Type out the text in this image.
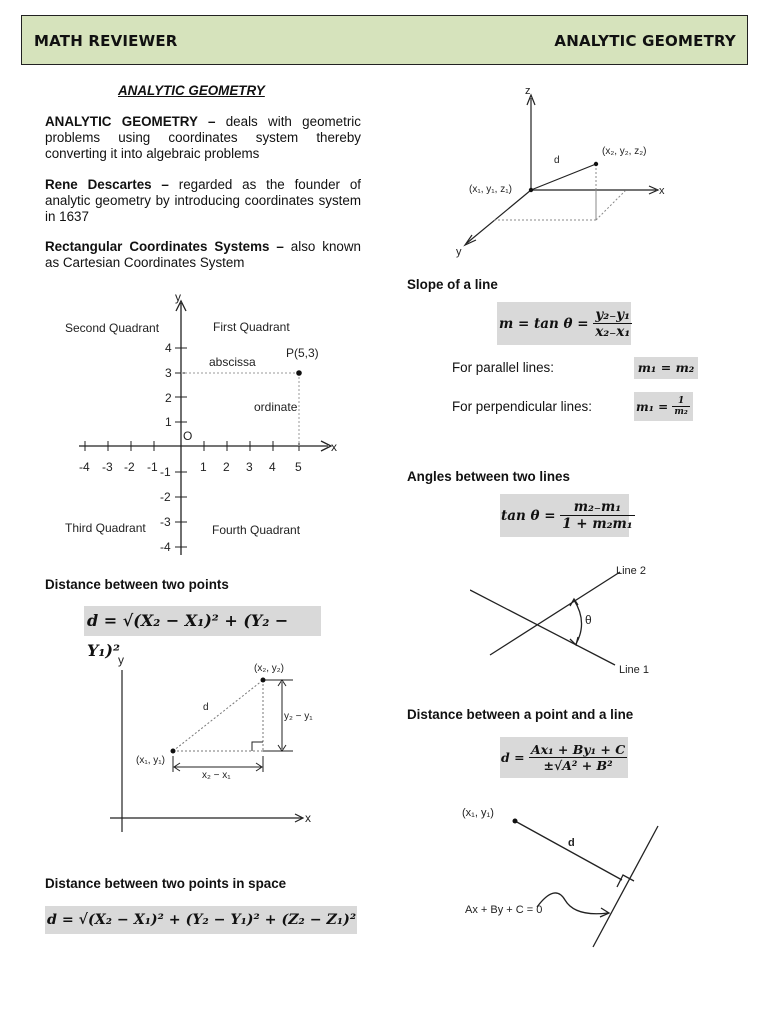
MATH REVIEWER	ANALYTIC GEOMETRY
ANALYTIC GEOMETRY
ANALYTIC GEOMETRY – deals with geometric problems using coordinates system thereby converting it into algebraic problems
Rene Descartes – regarded as the founder of analytic geometry by introducing coordinates system in 1637
Rectangular Coordinates Systems – also known as Cartesian Coordinates System
y
x
O
Second Quadrant	First Quadrant
Third Quadrant	Fourth Quadrant
P(5,3)
abscissa
ordinate
-4 -3 -2 -1	1 2 3 4 5
4
3
2
1
-1
-2
-3
-4
Distance between two points
d = √(X₂ − X₁)² + (Y₂ − Y₁)²
y
x
(x₁, y₁)
(x₂, y₂)
d
y₂ − y₁
x₂ − x₁
Distance between two points in space
d = √(X₂ − X₁)² + (Y₂ − Y₁)² + (Z₂ − Z₁)²
z
x
y
(x₁, y₁, z₁)
(x₂, y₂, z₂)
d
Slope of a line
m = tan θ =
$\frac{\text{y₂₋y₁}}{\text{x₂₋x₁}}$
For parallel lines:	m₁ = m₂
For perpendicular lines:	m₁ =
$\frac{1}{\text{m₂}}$
Angles between two lines
tan θ =
$\frac{\text{m₂₋m₁}}{\text{1 + m₂m₁}}$
Line 2
Line 1
θ
Distance between a point and a line
d =
$\frac{\text{Ax₁ + By₁ + C}}{\text{±√A² + B²}}$
(x₁, y₁)
d
Ax + By + C = 0
